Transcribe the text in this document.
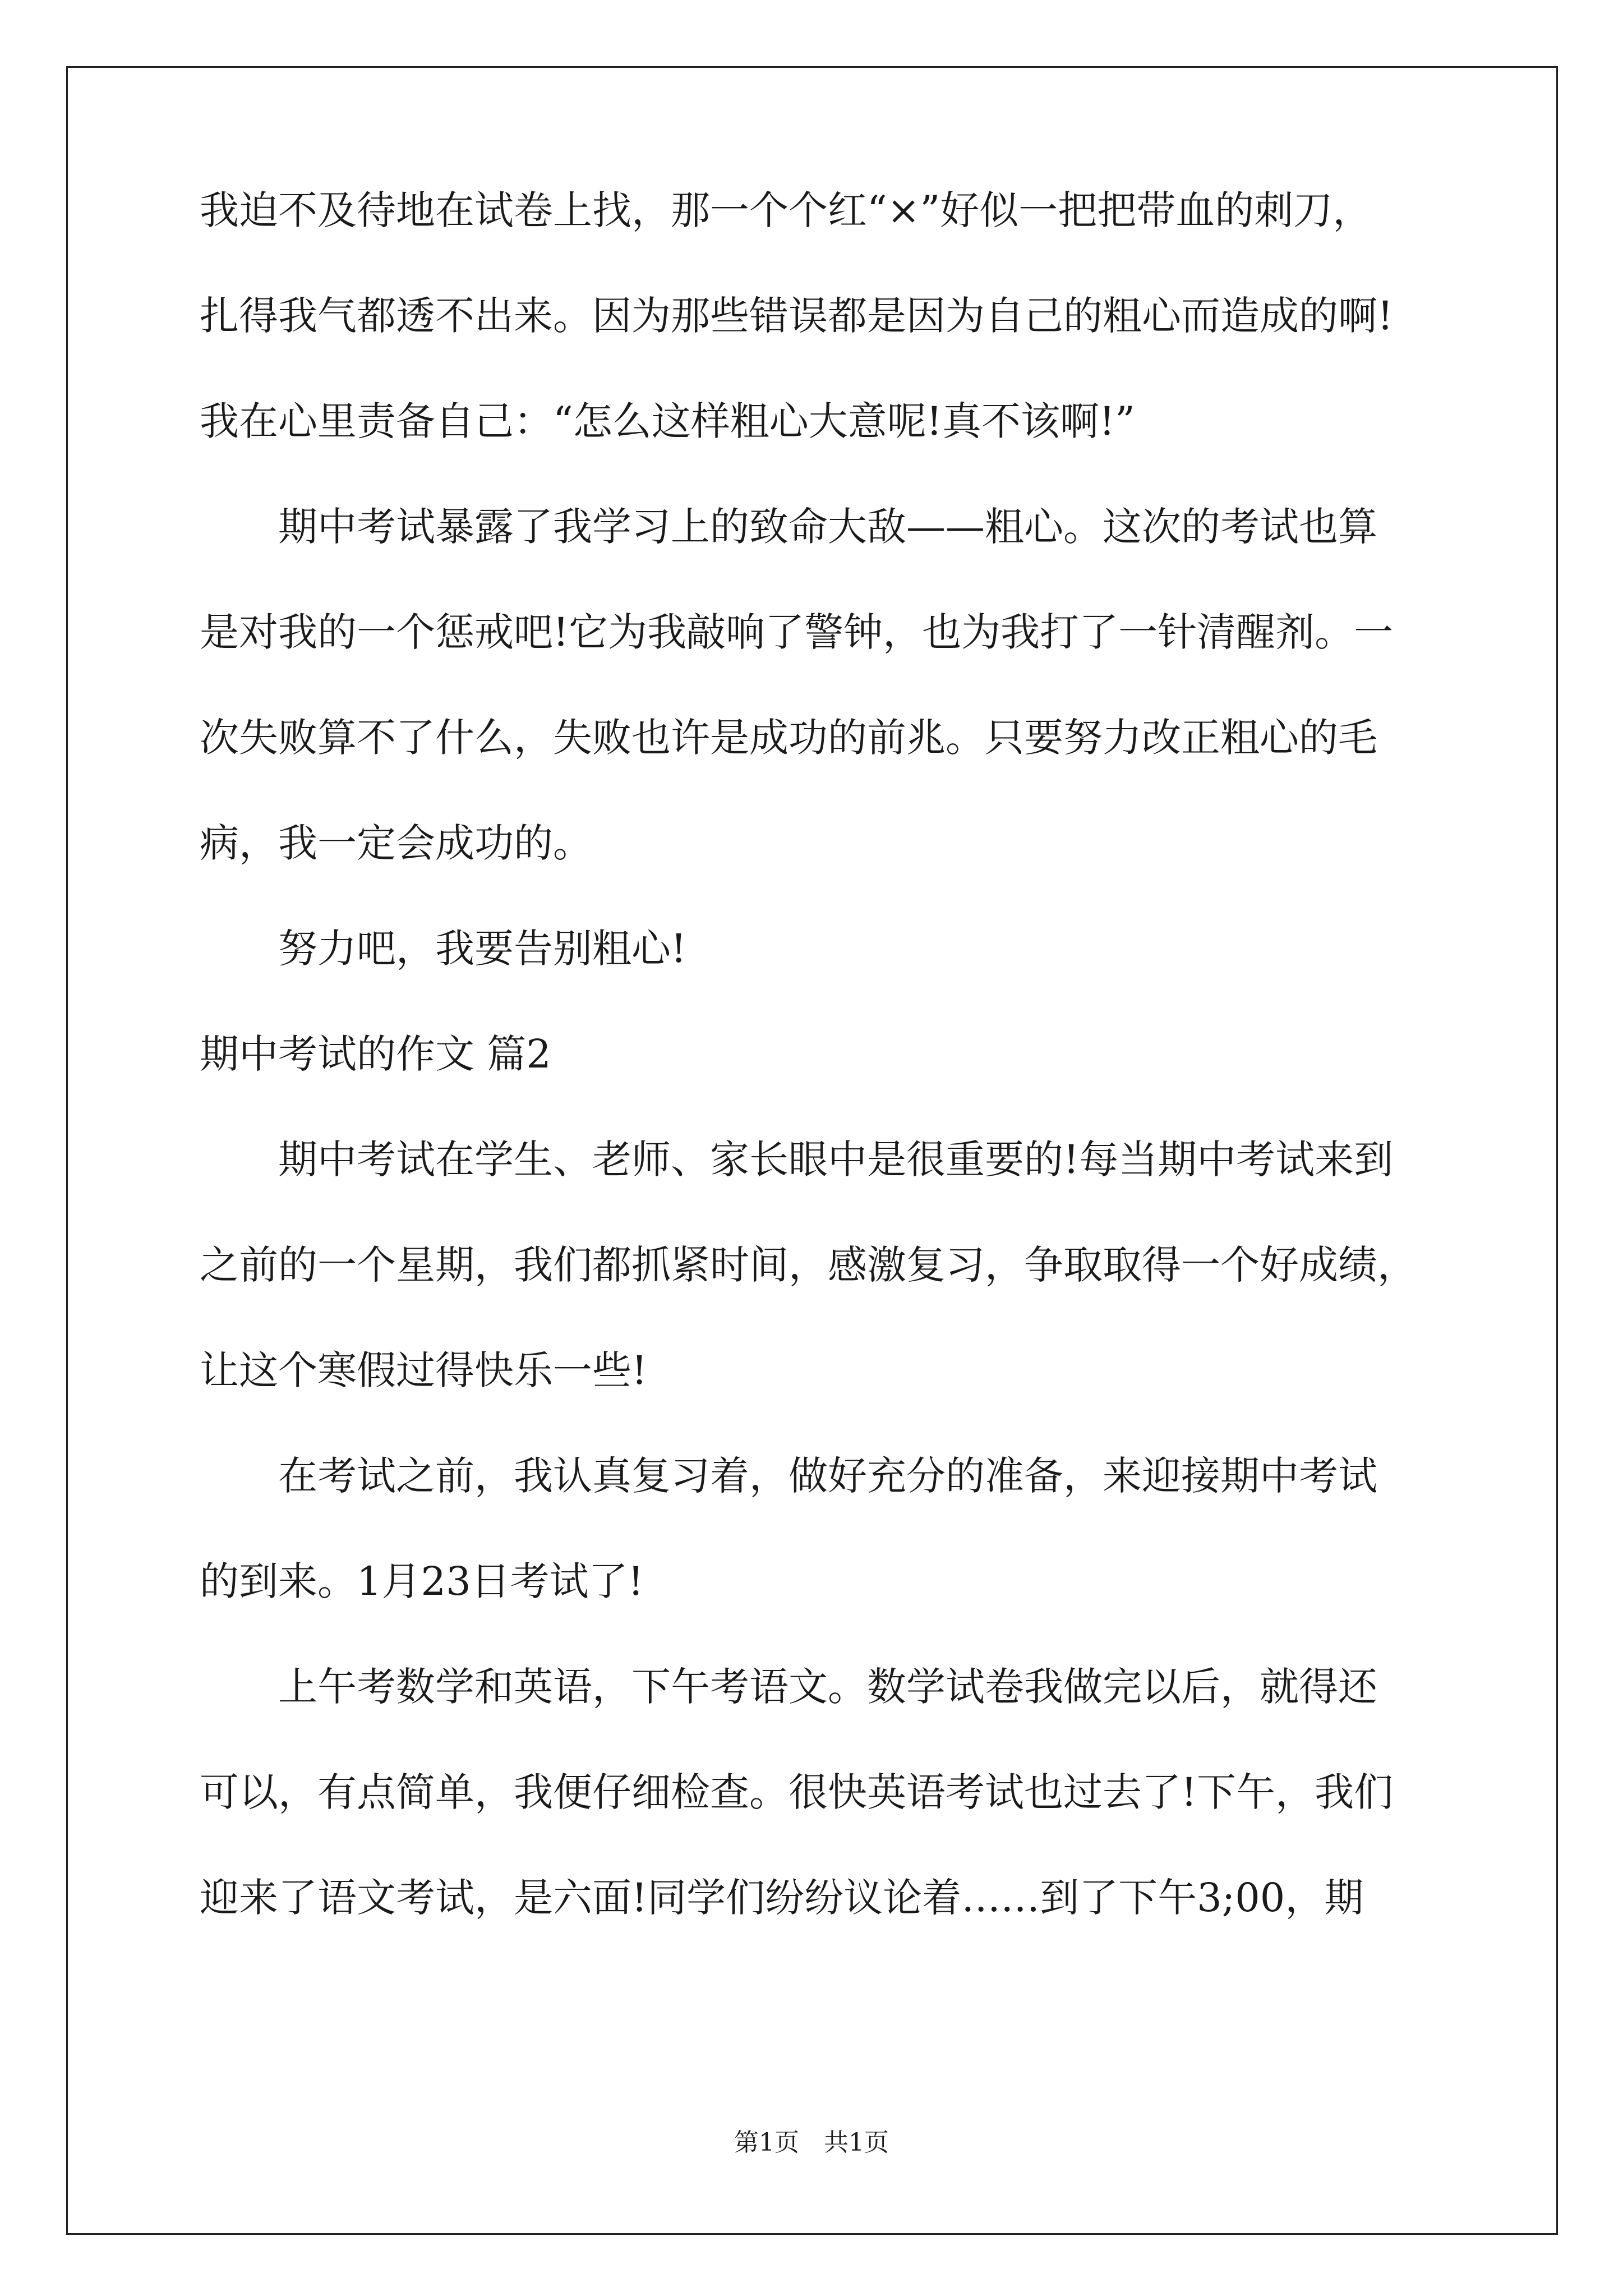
我迫不及待地在试卷上找，那一个个红“×”好似一把把带血的刺刀，
扎得我气都透不出来。因为那些错误都是因为自己的粗心而造成的啊!
我在心里责备自己：“怎么这样粗心大意呢!真不该啊!”
　　期中考试暴露了我学习上的致命大敌——粗心。这次的考试也算
是对我的一个惩戒吧!它为我敲响了警钟，也为我打了一针清醒剂。一
次失败算不了什么，失败也许是成功的前兆。只要努力改正粗心的毛
病，我一定会成功的。
　　努力吧，我要告别粗心!
期中考试的作文 篇2
　　期中考试在学生、老师、家长眼中是很重要的!每当期中考试来到
之前的一个星期，我们都抓紧时间，感激复习，争取取得一个好成绩，
让这个寒假过得快乐一些!
　　在考试之前，我认真复习着，做好充分的准备，来迎接期中考试
的到来。1月23日考试了!
　　上午考数学和英语，下午考语文。数学试卷我做完以后，就得还
可以，有点简单，我便仔细检查。很快英语考试也过去了!下午，我们
迎来了语文考试，是六面!同学们纷纷议论着……到了下午3;00，期
第1页　共1页
